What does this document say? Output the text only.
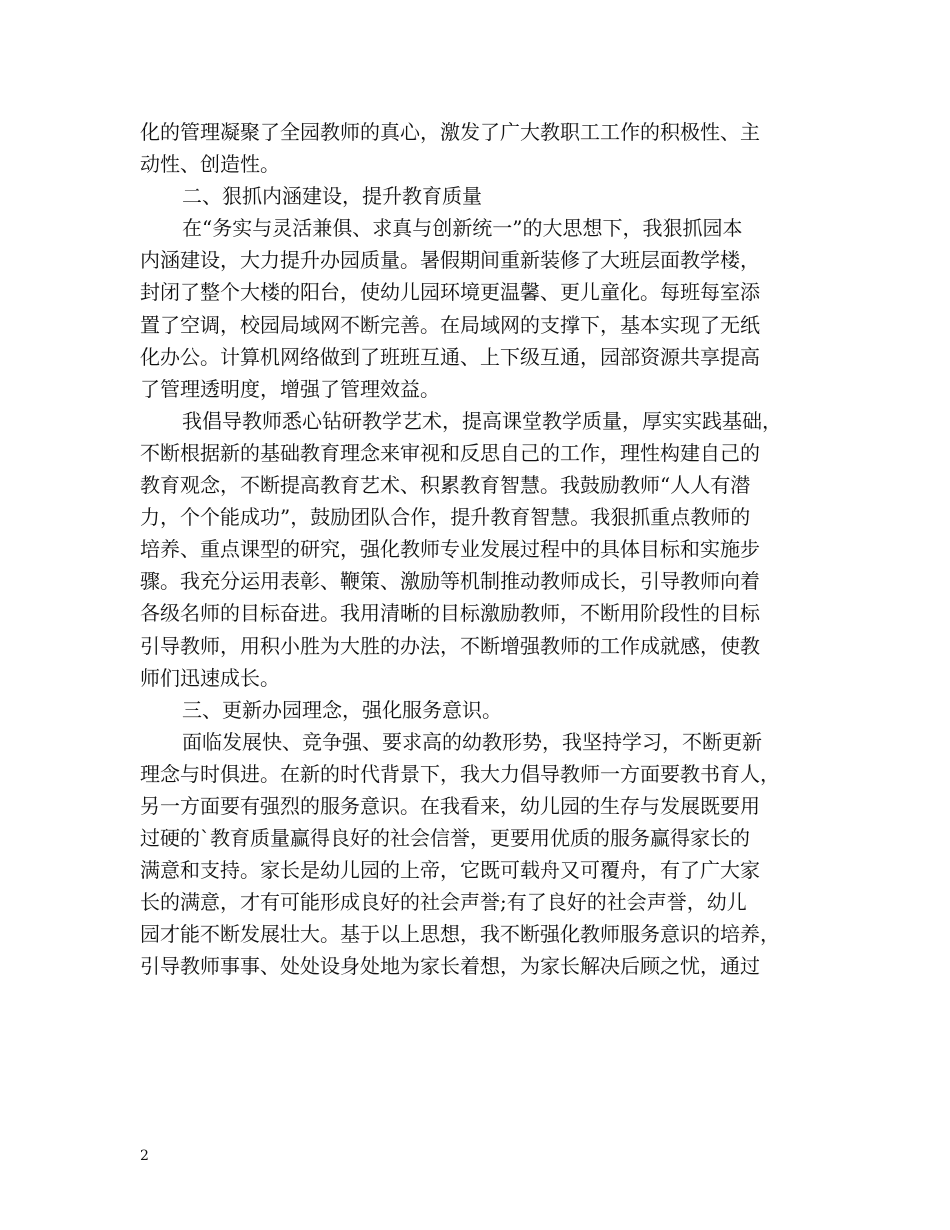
化的管理凝聚了全园教师的真心，激发了广大教职工工作的积极性、主
动性、创造性。
二、狠抓内涵建设，提升教育质量
在“务实与灵活兼俱、求真与创新统一”的大思想下，我狠抓园本
内涵建设，大力提升办园质量。暑假期间重新装修了大班层面教学楼，
封闭了整个大楼的阳台，使幼儿园环境更温馨、更儿童化。每班每室添
置了空调，校园局域网不断完善。在局域网的支撑下，基本实现了无纸
化办公。计算机网络做到了班班互通、上下级互通，园部资源共享提高
了管理透明度，增强了管理效益。
我倡导教师悉心钻研教学艺术，提高课堂教学质量，厚实实践基础，
不断根据新的基础教育理念来审视和反思自己的工作，理性构建自己的
教育观念，不断提高教育艺术、积累教育智慧。我鼓励教师“人人有潜
力，个个能成功”，鼓励团队合作，提升教育智慧。我狠抓重点教师的
培养、重点课型的研究，强化教师专业发展过程中的具体目标和实施步
骤。我充分运用表彰、鞭策、激励等机制推动教师成长，引导教师向着
各级名师的目标奋进。我用清晰的目标激励教师，不断用阶段性的目标
引导教师，用积小胜为大胜的办法，不断增强教师的工作成就感，使教
师们迅速成长。
三、更新办园理念，强化服务意识。
面临发展快、竞争强、要求高的幼教形势，我坚持学习，不断更新
理念与时俱进。在新的时代背景下，我大力倡导教师一方面要教书育人，
另一方面要有强烈的服务意识。在我看来，幼儿园的生存与发展既要用
过硬的`教育质量赢得良好的社会信誉，更要用优质的服务赢得家长的
满意和支持。家长是幼儿园的上帝，它既可载舟又可覆舟，有了广大家
长的满意，才有可能形成良好的社会声誉;有了良好的社会声誉，幼儿
园才能不断发展壮大。基于以上思想，我不断强化教师服务意识的培养，
引导教师事事、处处设身处地为家长着想，为家长解决后顾之忧，通过
2
